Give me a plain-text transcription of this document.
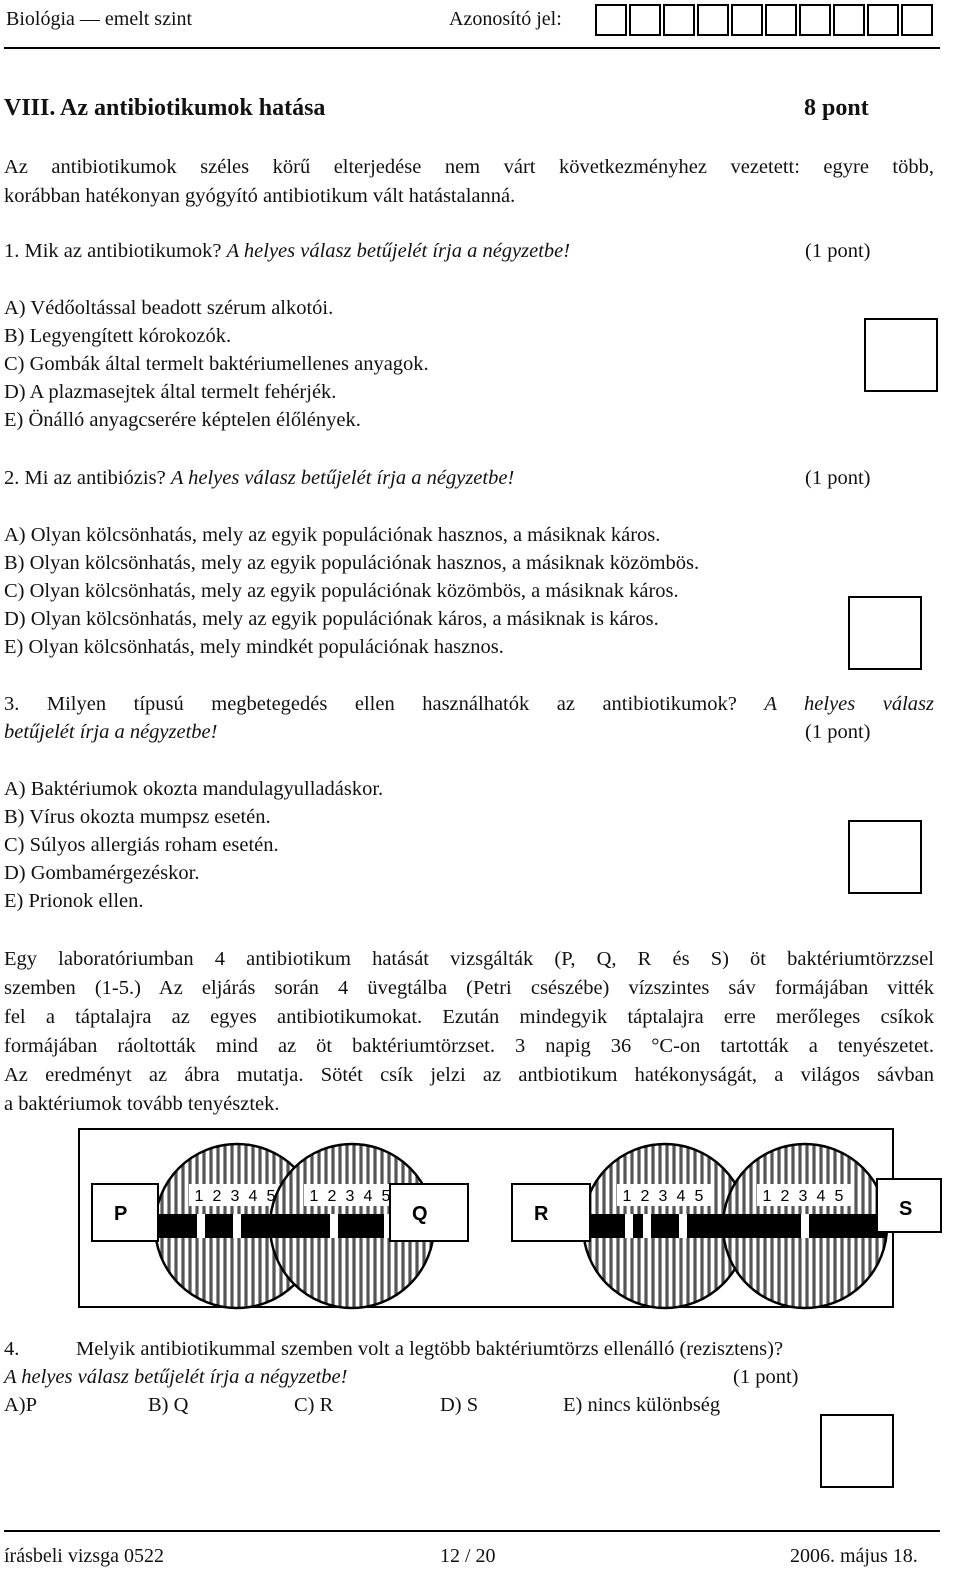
Biológia — emelt szint	Azonosító jel:
VIII. Az antibiotikumok hatása	8 pont
Az antibiotikumok széles körű elterjedése nem várt következményhez vezetett: egyre több,
korábban hatékonyan gyógyító antibiotikum vált hatástalanná.
1. Mik az antibiotikumok? A helyes válasz betűjelét írja a négyzetbe!	(1 pont)
A) Védőoltással beadott szérum alkotói.
B) Legyengített kórokozók.
C) Gombák által termelt baktériumellenes anyagok.
D) A plazmasejtek által termelt fehérjék.
E) Önálló anyagcserére képtelen élőlények.
2. Mi az antibiózis? A helyes válasz betűjelét írja a négyzetbe!	(1 pont)
A) Olyan kölcsönhatás, mely az egyik populációnak hasznos, a másiknak káros.
B) Olyan kölcsönhatás, mely az egyik populációnak hasznos, a másiknak közömbös.
C) Olyan kölcsönhatás, mely az egyik populációnak közömbös, a másiknak káros.
D) Olyan kölcsönhatás, mely az egyik populációnak káros, a másiknak is káros.
E) Olyan kölcsönhatás, mely mindkét populációnak hasznos.
3. Milyen típusú megbetegedés ellen használhatók az antibiotikumok? A helyes válasz
betűjelét írja a négyzetbe!	(1 pont)
A) Baktériumok okozta mandulagyulladáskor.
B) Vírus okozta mumpsz esetén.
C) Súlyos allergiás roham esetén.
D) Gombamérgezéskor.
E) Prionok ellen.
Egy laboratóriumban 4 antibiotikum hatását vizsgálták (P, Q, R és S) öt baktériumtörzzsel
szemben (1-5.) Az eljárás során 4 üvegtálba (Petri csészébe) vízszintes sáv formájában vitték
fel a táptalajra az egyes antibiotikumokat. Ezután mindegyik táptalajra erre merőleges csíkok
formájában ráoltották mind az öt baktériumtörzset. 3 napig 36 °C-on tartották a tenyészetet.
Az eredményt az ábra mutatja. Sötét csík jelzi az antbiotikum hatékonyságát, a világos sávban
a baktériumok tovább tenyésztek.
1 2 3 4 5 1 2 3 4 5	1 2 3 4 5	1 2 3 4 5
P	Q	R	S
4.	Melyik antibiotikummal szemben volt a legtöbb baktériumtörzs ellenálló (rezisztens)?
A helyes válasz betűjelét írja a négyzetbe!	(1 pont)
A)P	B) Q	C) R	D) S	E) nincs különbség
írásbeli vizsga 0522	12 / 20	2006. május 18.
